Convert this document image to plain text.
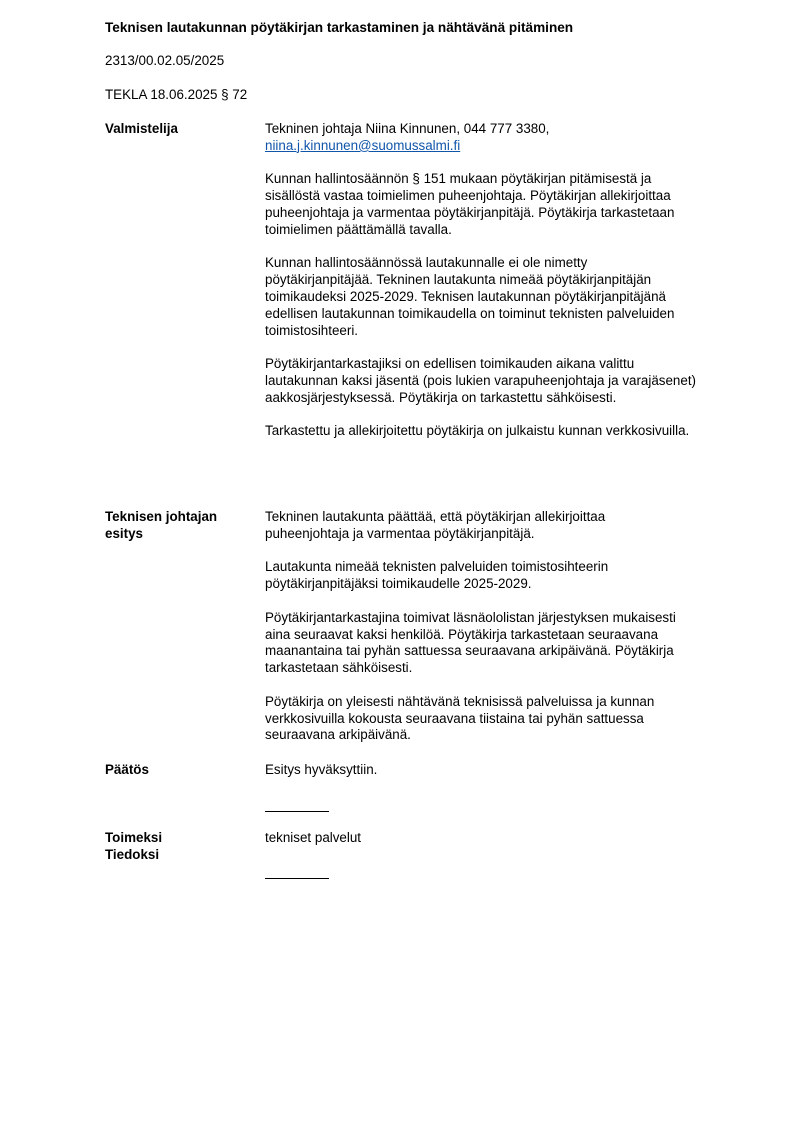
Teknisen lautakunnan pöytäkirjan tarkastaminen ja nähtävänä pitäminen
2313/00.02.05/2025
TEKLA 18.06.2025 § 72
Valmistelija	Tekninen johtaja Niina Kinnunen, 044 777 3380,
niina.j.kinnunen@suomussalmi.fi

Kunnan hallintosäännön § 151 mukaan pöytäkirjan pitämisestä ja
sisällöstä vastaa toimielimen puheenjohtaja. Pöytäkirjan allekirjoittaa
puheenjohtaja ja varmentaa pöytäkirjanpitäjä. Pöytäkirja tarkastetaan
toimielimen päättämällä tavalla.

Kunnan hallintosäännössä lautakunnalle ei ole nimetty
pöytäkirjanpitäjää. Tekninen lautakunta nimeää pöytäkirjanpitäjän
toimikaudeksi 2025-2029. Teknisen lautakunnan pöytäkirjanpitäjänä
edellisen lautakunnan toimikaudella on toiminut teknisten palveluiden
toimistosihteeri.

Pöytäkirjantarkastajiksi on edellisen toimikauden aikana valittu
lautakunnan kaksi jäsentä (pois lukien varapuheenjohtaja ja varajäsenet)
aakkosjärjestyksessä. Pöytäkirja on tarkastettu sähköisesti.

Tarkastettu ja allekirjoitettu pöytäkirja on julkaistu kunnan verkkosivuilla.

Teknisen johtajan
esitys

Tekninen lautakunta päättää, että pöytäkirjan allekirjoittaa
puheenjohtaja ja varmentaa pöytäkirjanpitäjä.

Lautakunta nimeää teknisten palveluiden toimistosihteerin
pöytäkirjanpitäjäksi toimikaudelle 2025-2029.

Pöytäkirjantarkastajina toimivat läsnäololistan järjestyksen mukaisesti
aina seuraavat kaksi henkilöä. Pöytäkirja tarkastetaan seuraavana
maanantaina tai pyhän sattuessa seuraavana arkipäivänä. Pöytäkirja
tarkastetaan sähköisesti.

Pöytäkirja on yleisesti nähtävänä teknisissä palveluissa ja kunnan
verkkosivuilla kokousta seuraavana tiistaina tai pyhän sattuessa
seuraavana arkipäivänä.

Päätös	Esitys hyväksyttiin.

Toimeksi
Tiedoksi

tekniset palvelut
